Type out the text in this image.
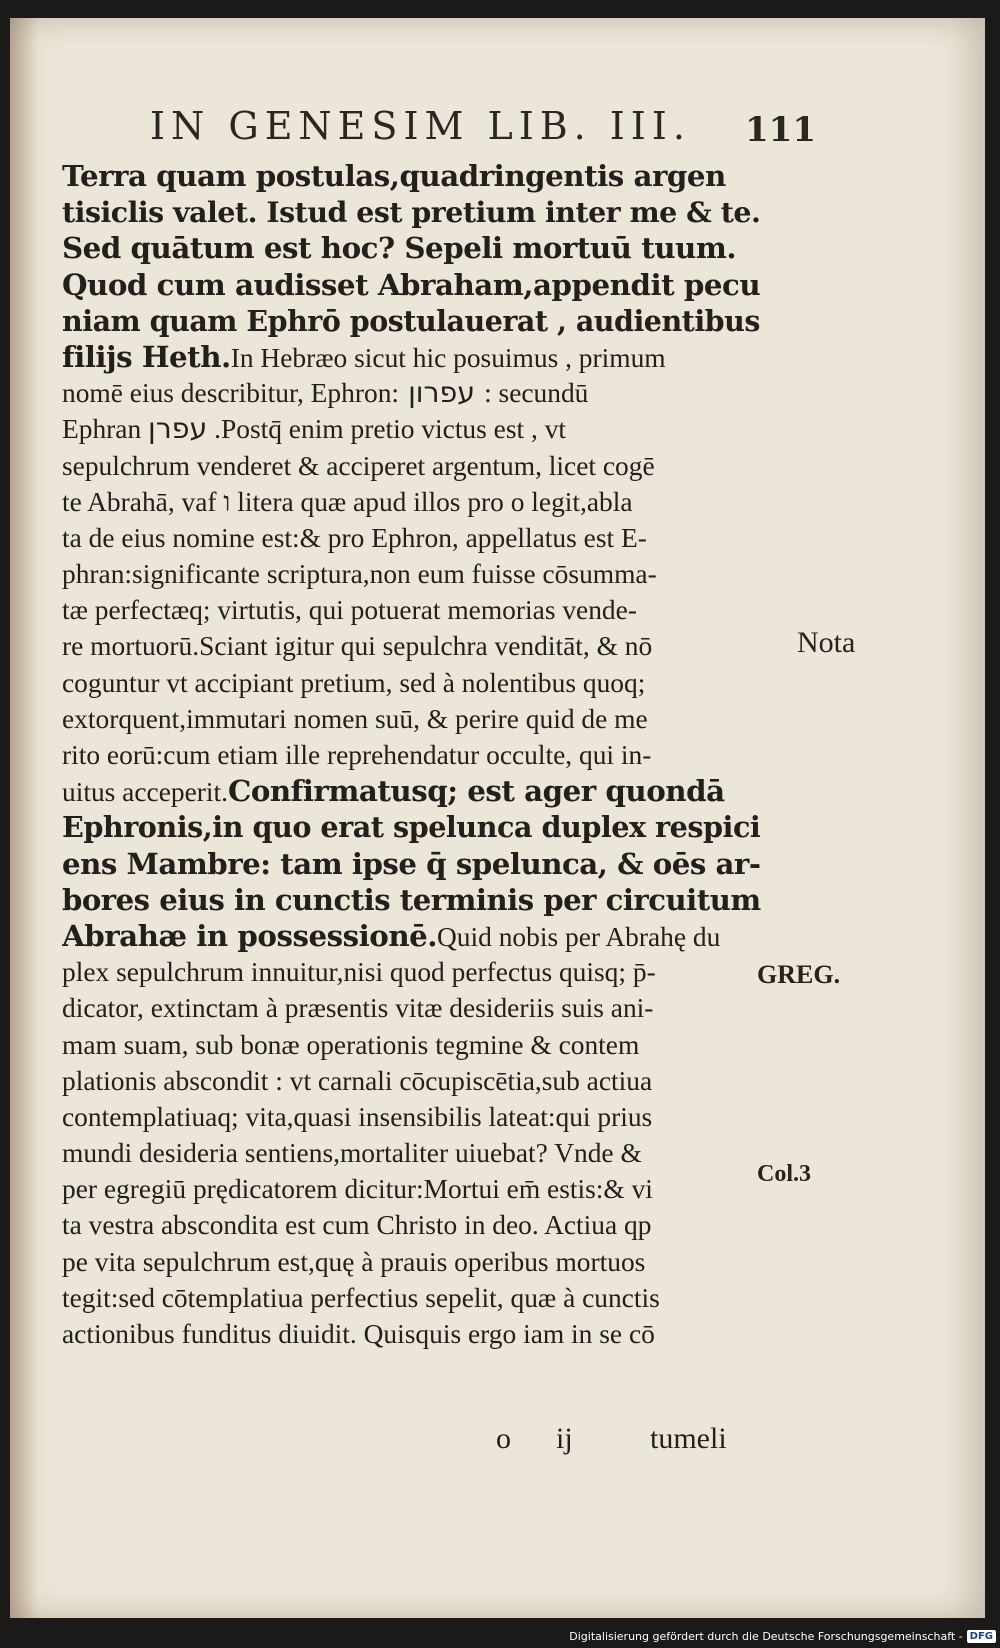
IN GENESIM LIB. III.	111
Terra quam postulas,quadringentis argen
tisiclis valet. Istud est pretium inter me & te.
Sed quātum est hoc? Sepeli mortuū tuum.
Quod cum audisset Abraham,appendit pecu
niam quam Ephrō postulauerat , audientibus
filijs Heth.In Hebræo sicut hic posuimus , primum
nomē eius describitur, Ephron: עפרון : secundū
Ephran עפרן .Postq̄ enim pretio victus est , vt
sepulchrum venderet & acciperet argentum, licet cogē
te Abrahā, vaf ו litera quæ apud illos pro o legit,abla
ta de eius nomine est:& pro Ephron, appellatus est E-
phran:significante scriptura,non eum fuisse cōsumma-
tæ perfectæq; virtutis, qui potuerat memorias vende-
re mortuorū.Sciant igitur qui sepulchra venditāt, & nō
coguntur vt accipiant pretium, sed à nolentibus quoq;
extorquent,immutari nomen suū, & perire quid de me
rito eorū:cum etiam ille reprehendatur occulte, qui in-
uitus acceperit.Confirmatusq; est ager quondā
Ephronis,in quo erat spelunca duplex respici
ens Mambre: tam ipse q̄ spelunca, & oēs ar-
bores eius in cunctis terminis per circuitum
Abrahæ in possessionē.Quid nobis per Abrahę du
plex sepulchrum innuitur,nisi quod perfectus quisq; p̄-
dicator, extinctam à præsentis vitæ desideriis suis ani-
mam suam, sub bonæ operationis tegmine & contem
plationis abscondit : vt carnali cōcupiscētia,sub actiua
contemplatiuaq; vita,quasi insensibilis lateat:qui prius
mundi desideria sentiens,mortaliter uiuebat? Vnde &
per egregiū prędicatorem dicitur:Mortui em̄ estis:& vi
ta vestra abscondita est cum Christo in deo. Actiua qp
pe vita sepulchrum est,quę à prauis operibus mortuos
tegit:sed cōtemplatiua perfectius sepelit, quæ à cunctis
actionibus funditus diuidit. Quisquis ergo iam in se cō
Nota
GREG.
Col.3
o ij	tumeli
Digitalisierung gefördert durch die Deutsche Forschungsgemeinschaft - DFG
